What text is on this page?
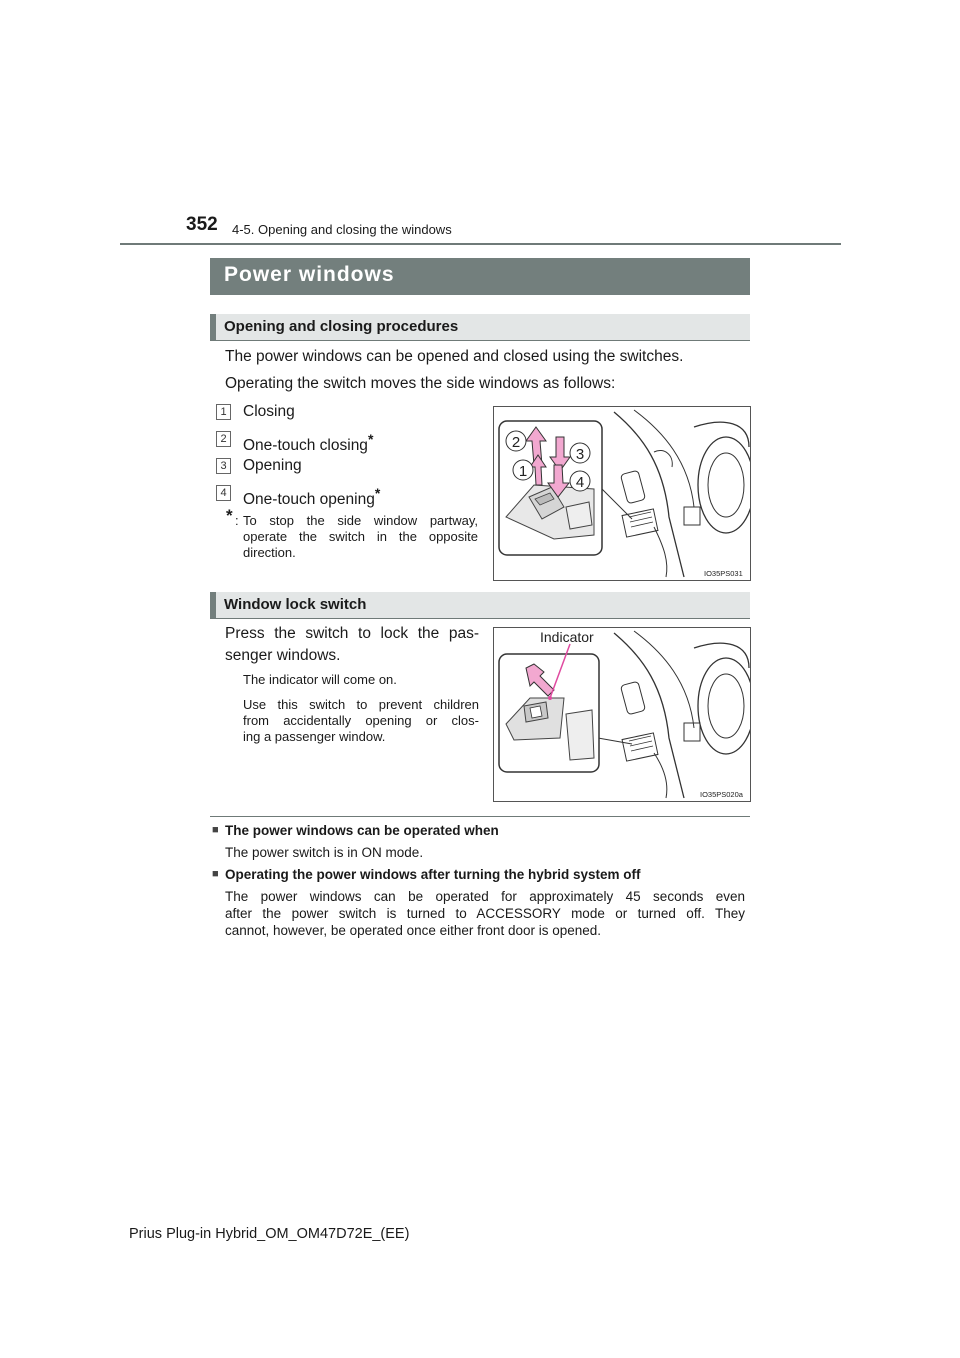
352 4-5. Opening and closing the windows
Power windows
Opening and closing procedures
The power windows can be opened and closed using the switches.
Operating the switch moves the side windows as follows:
1 Closing
2 One-touch closing*
3 Opening
4 One-touch opening*
* : To stop the side window partway, operate the switch in the opposite direction.
2
3
1
4
IO35PS031
Window lock switch
Press the switch to lock the pas-
senger windows.
The indicator will come on.
Use this switch to prevent children
from accidentally opening or clos-
ing a passenger window.
Indicator
IO35PS020a
■ The power windows can be operated when
The power switch is in ON mode.
■ Operating the power windows after turning the hybrid system off
The power windows can be operated for approximately 45 seconds even
after the power switch is turned to ACCESSORY mode or turned off. They
cannot, however, be operated once either front door is opened.
Prius Plug-in Hybrid_OM_OM47D72E_(EE)
